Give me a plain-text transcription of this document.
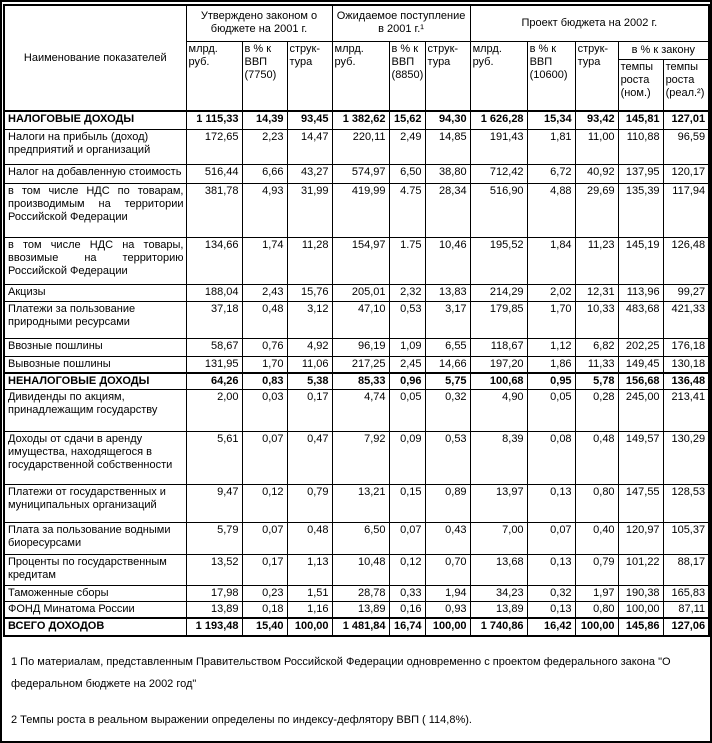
Наименование показателей	Утверждено законом о бюджете на 2001 г.			Ожидаемое поступление в 2001 г.¹			Проект бюджета на 2002 г.				
	млрд. руб.	в % к ВВП (7750)	струк-тура	млрд. руб.	в % к ВВП (8850)	струк-тура	млрд. руб.	в % к ВВП (10600)	струк-тура	в % к закону	
										темпы роста (ном.)	темпы роста (реал.²)
НАЛОГОВЫЕ ДОХОДЫ	1 115,33	14,39	93,45	1 382,62	15,62	94,30	1 626,28	15,34	93,42	145,81	127,01
Налоги на прибыль (доход) предприятий и организаций	172,65	2,23	14,47	220,11	2,49	14,85	191,43	1,81	11,00	110,88	96,59
Налог на добавленную стоимость	516,44	6,66	43,27	574,97	6,50	38,80	712,42	6,72	40,92	137,95	120,17
в том числе НДС по товарам, производимым на территории Российской Федерации	381,78	4,93	31,99	419,99	4.75	28,34	516,90	4,88	29,69	135,39	117,94
в том числе НДС на товары, ввозимые на территорию Российской Федерации	134,66	1,74	11,28	154,97	1.75	10,46	195,52	1,84	11,23	145,19	126,48
Акцизы	188,04	2,43	15,76	205,01	2,32	13,83	214,29	2,02	12,31	113,96	99,27
Платежи за пользование природными ресурсами	37,18	0,48	3,12	47,10	0,53	3,17	179,85	1,70	10,33	483,68	421,33
Ввозные пошлины	58,67	0,76	4,92	96,19	1,09	6,55	118,67	1,12	6,82	202,25	176,18
Вывозные пошлины	131,95	1,70	11,06	217,25	2,45	14,66	197,20	1,86	11,33	149,45	130,18
НЕНАЛОГОВЫЕ ДОХОДЫ	64,26	0,83	5,38	85,33	0,96	5,75	100,68	0,95	5,78	156,68	136,48
Дивиденды по акциям, принадлежащим государству	2,00	0,03	0,17	4,74	0,05	0,32	4,90	0,05	0,28	245,00	213,41
Доходы от сдачи в аренду имущества, находящегося в государственной собственности	5,61	0,07	0,47	7,92	0,09	0,53	8,39	0,08	0,48	149,57	130,29
Платежи от государственных и муниципальных организаций	9,47	0,12	0,79	13,21	0,15	0,89	13,97	0,13	0,80	147,55	128,53
Плата за пользование водными биоресурсами	5,79	0,07	0,48	6,50	0,07	0,43	7,00	0,07	0,40	120,97	105,37
Проценты по государственным кредитам	13,52	0,17	1,13	10,48	0,12	0,70	13,68	0,13	0,79	101,22	88,17
Таможенные сборы	17,98	0,23	1,51	28,78	0,33	1,94	34,23	0,32	1,97	190,38	165,83
ФОНД Минатома России	13,89	0,18	1,16	13,89	0,16	0,93	13,89	0,13	0,80	100,00	87,11
ВСЕГО ДОХОДОВ	1 193,48	15,40	100,00	1 481,84	16,74	100,00	1 740,86	16,42	100,00	145,86	127,06

1 По материалам, представленным Правительством Российской Федерации одновременно с проектом федерального закона "О федеральном бюджете на 2002 год"

2 Темпы роста в реальном выражении определены по индексу-дефлятору ВВП ( 114,8%).
